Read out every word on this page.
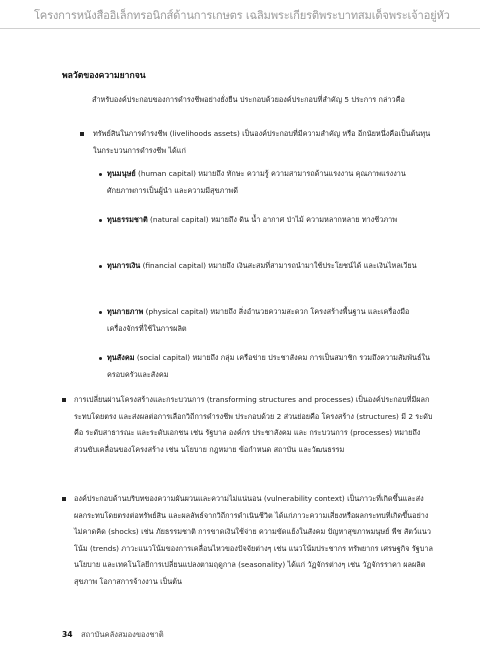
โครงการหนังสืออิเล็กทรอนิกส์ด้านการเกษตร เฉลิมพระเกียรติพระบาทสมเด็จพระเจ้าอยู่หัว
พลวัตของความยากจน
สำหรับองค์ประกอบของการดำรงชีพอย่างยั่งยืน ประกอบด้วยองค์ประกอบที่สำคัญ 5 ประการ กล่าวคือ
ทรัพย์สินในการดำรงชีพ (livelihoods assets) เป็นองค์ประกอบที่มีความสำคัญ หรือ อีกนัยหนึ่งคือเป็นต้นทุนในกระบวนการดำรงชีพ ได้แก่
ทุนมนุษย์ (human capital) หมายถึง ทักษะ ความรู้ ความสามารถด้านแรงงาน คุณภาพแรงงาน ศักยภาพการเป็นผู้นำ และความมีสุขภาพดี
ทุนธรรมชาติ (natural capital) หมายถึง ดิน น้ำ อากาศ ป่าไม้ ความหลากหลาย ทางชีวภาพ
ทุนการเงิน (financial capital) หมายถึง เงินสะสมที่สามารถนำมาใช้ประโยชน์ได้ และเงินไหลเวียน
ทุนกายภาพ (physical capital) หมายถึง สิ่งอำนวยความสะดวก โครงสร้างพื้นฐาน และเครื่องมือเครื่องจักรที่ใช้ในการผลิต
ทุนสังคม (social capital) หมายถึง กลุ่ม เครือข่าย ประชาสังคม การเป็นสมาชิก รวมถึงความสัมพันธ์ในครอบครัวและสังคม
การเปลี่ยนผ่านโครงสร้างและกระบวนการ (transforming structures and processes) เป็นองค์ประกอบที่มีผลกระทบโดยตรง และส่งผลต่อการเลือกวิถีการดำรงชีพ ประกอบด้วย 2 ส่วนย่อยคือ โครงสร้าง (structures) มี 2 ระดับคือ ระดับสาธารณะ และระดับเอกชน เช่น รัฐบาล องค์กร ประชาสังคม และ กระบวนการ (processes) หมายถึง ส่วนขับเคลื่อนของโครงสร้าง เช่น นโยบาย กฎหมาย ข้อกำหนด สถาบัน และวัฒนธรรม
องค์ประกอบด้านบริบทของความผันผวนและความไม่แน่นอน (vulnerability context) เป็นภาวะที่เกิดขึ้นและส่งผลกระทบโดยตรงต่อทรัพย์สิน และผลลัพธ์จากวิถีการดำเนินชีวิต ได้แก่ภาวะความเสี่ยงหรือผลกระทบที่เกิดขึ้นอย่างไม่คาดคิด (shocks) เช่น ภัยธรรมชาติ การขาดเงินใช้จ่าย ความขัดแย้งในสังคม ปัญหาสุขภาพมนุษย์ พืช สัตว์แนวโน้ม (trends) ภาวะแนวโน้มของการเคลื่อนไหวของปัจจัยต่างๆ เช่น แนวโน้มประชากร ทรัพยากร เศรษฐกิจ รัฐบาล นโยบาย และเทคโนโลยีการเปลี่ยนแปลงตามฤดูกาล (seasonality) ได้แก่ วัฏจักรต่างๆ เช่น วัฏจักรราคา ผลผลิต สุขภาพ โอกาสการจ้างงาน เป็นต้น
34 สถาบันคลังสมองของชาติ
